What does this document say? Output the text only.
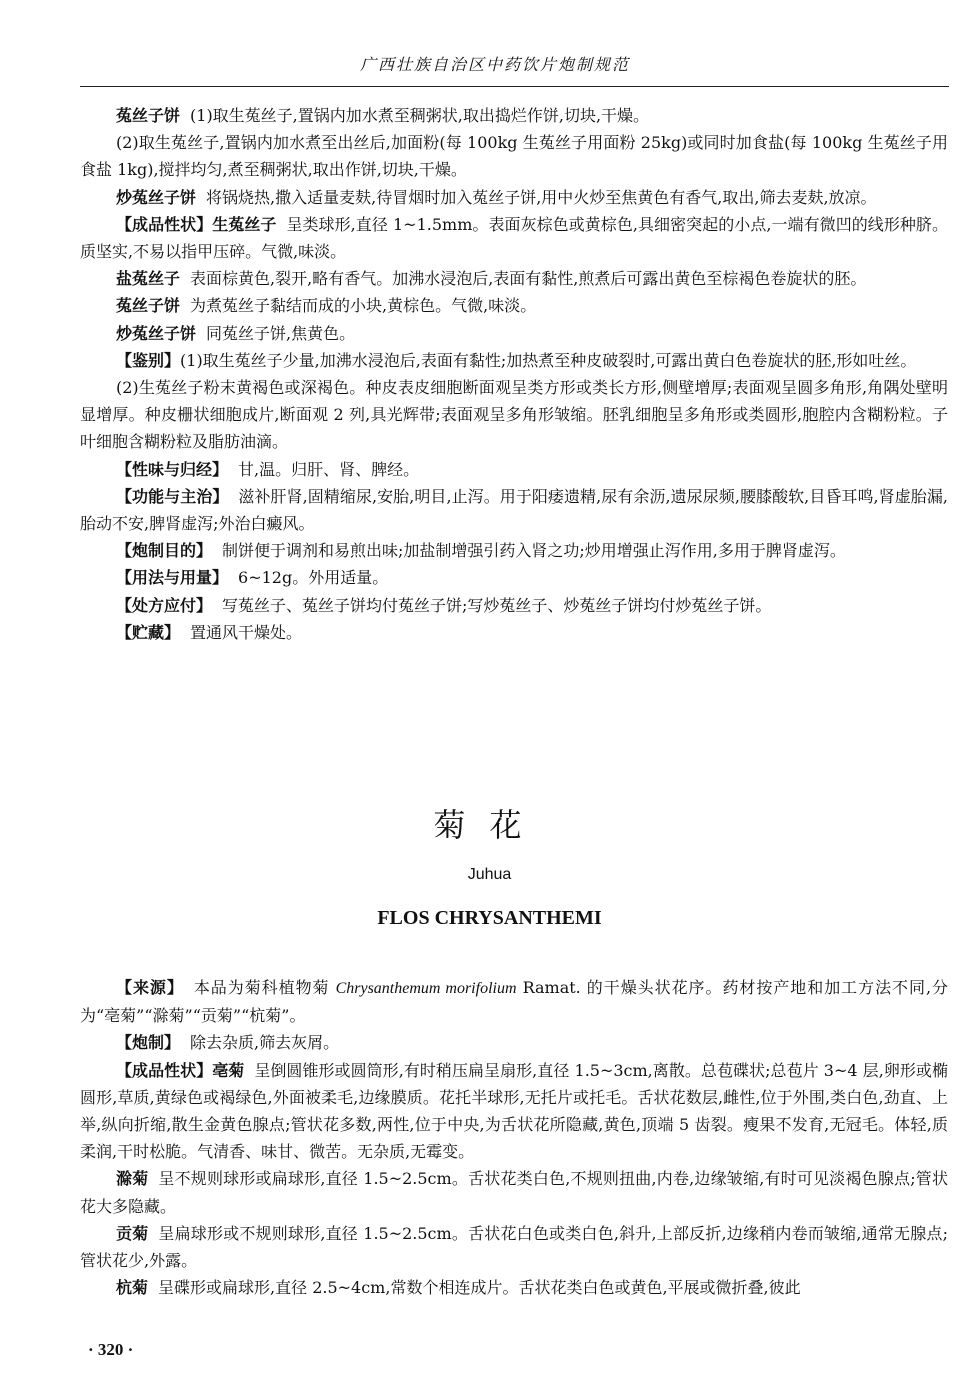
广西壮族自治区中药饮片炮制规范

菟丝子饼 (1)取生菟丝子,置锅内加水煮至稠粥状,取出捣烂作饼,切块,干燥。

(2)取生菟丝子,置锅内加水煮至出丝后,加面粉(每 100kg 生菟丝子用面粉 25kg)或同时加食盐(每 100kg 生菟丝子用食盐 1kg),搅拌均匀,煮至稠粥状,取出作饼,切块,干燥。

炒菟丝子饼 将锅烧热,撒入适量麦麸,待冒烟时加入菟丝子饼,用中火炒至焦黄色有香气,取出,筛去麦麸,放凉。

【成品性状】生菟丝子 呈类球形,直径 1~1.5mm。表面灰棕色或黄棕色,具细密突起的小点,一端有微凹的线形种脐。质坚实,不易以指甲压碎。气微,味淡。

盐菟丝子 表面棕黄色,裂开,略有香气。加沸水浸泡后,表面有黏性,煎煮后可露出黄色至棕褐色卷旋状的胚。

菟丝子饼 为煮菟丝子黏结而成的小块,黄棕色。气微,味淡。

炒菟丝子饼 同菟丝子饼,焦黄色。

【鉴别】(1)取生菟丝子少量,加沸水浸泡后,表面有黏性;加热煮至种皮破裂时,可露出黄白色卷旋状的胚,形如吐丝。

(2)生菟丝子粉末黄褐色或深褐色。种皮表皮细胞断面观呈类方形或类长方形,侧壁增厚;表面观呈圆多角形,角隅处壁明显增厚。种皮栅状细胞成片,断面观 2 列,具光辉带;表面观呈多角形皱缩。胚乳细胞呈多角形或类圆形,胞腔内含糊粉粒。子叶细胞含糊粉粒及脂肪油滴。

【性味与归经】 甘,温。归肝、肾、脾经。

【功能与主治】 滋补肝肾,固精缩尿,安胎,明目,止泻。用于阳痿遗精,尿有余沥,遗尿尿频,腰膝酸软,目昏耳鸣,肾虚胎漏,胎动不安,脾肾虚泻;外治白癜风。

【炮制目的】 制饼便于调剂和易煎出味;加盐制增强引药入肾之功;炒用增强止泻作用,多用于脾肾虚泻。

【用法与用量】 6~12g。外用适量。

【处方应付】 写菟丝子、菟丝子饼均付菟丝子饼;写炒菟丝子、炒菟丝子饼均付炒菟丝子饼。

【贮藏】 置通风干燥处。

菊花
Juhua
FLOS CHRYSANTHEMI

【来源】 本品为菊科植物菊 Chrysanthemum morifolium Ramat. 的干燥头状花序。药材按产地和加工方法不同,分为“亳菊”“滁菊”“贡菊”“杭菊”。

【炮制】 除去杂质,筛去灰屑。

【成品性状】亳菊 呈倒圆锥形或圆筒形,有时稍压扁呈扇形,直径 1.5~3cm,离散。总苞碟状;总苞片 3~4 层,卵形或椭圆形,草质,黄绿色或褐绿色,外面被柔毛,边缘膜质。花托半球形,无托片或托毛。舌状花数层,雌性,位于外围,类白色,劲直、上举,纵向折缩,散生金黄色腺点;管状花多数,两性,位于中央,为舌状花所隐藏,黄色,顶端 5 齿裂。瘦果不发育,无冠毛。体轻,质柔润,干时松脆。气清香、味甘、微苦。无杂质,无霉变。

滁菊 呈不规则球形或扁球形,直径 1.5~2.5cm。舌状花类白色,不规则扭曲,内卷,边缘皱缩,有时可见淡褐色腺点;管状花大多隐藏。

贡菊 呈扁球形或不规则球形,直径 1.5~2.5cm。舌状花白色或类白色,斜升,上部反折,边缘稍内卷而皱缩,通常无腺点;管状花少,外露。

杭菊 呈碟形或扁球形,直径 2.5~4cm,常数个相连成片。舌状花类白色或黄色,平展或微折叠,彼此

· 320 ·
